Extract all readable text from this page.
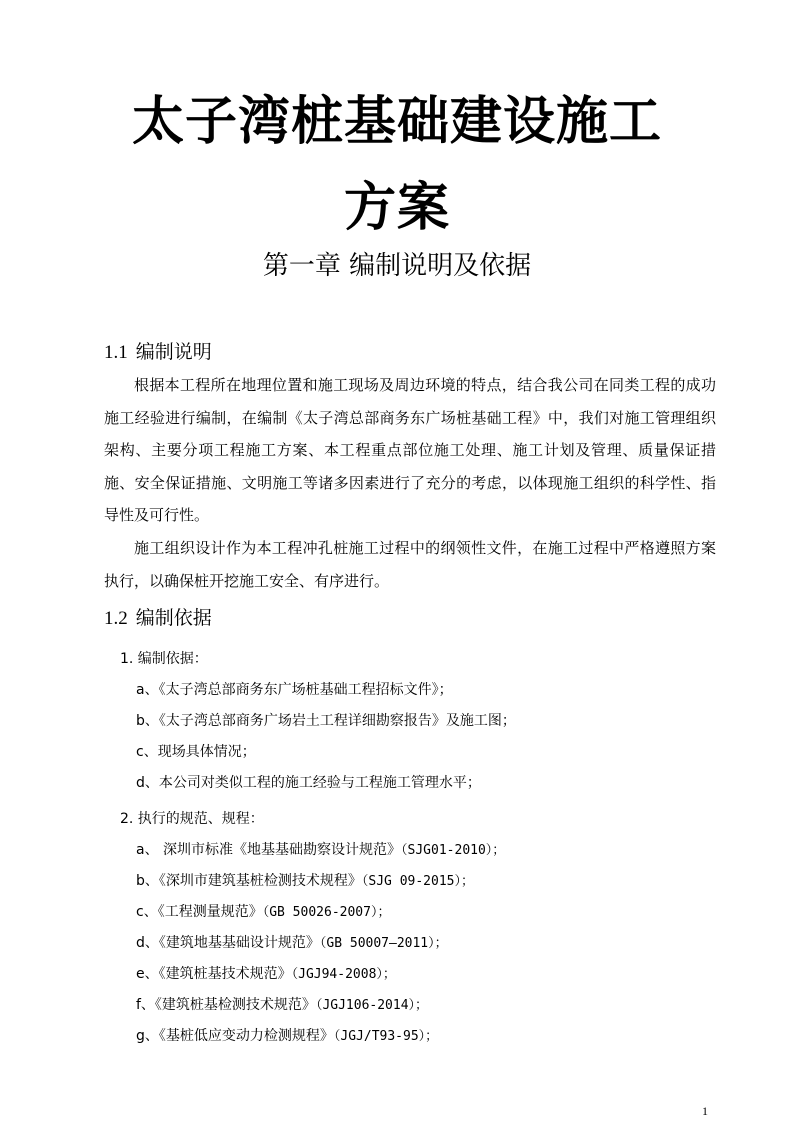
太子湾桩基础建设施工
方案
第一章 编制说明及依据
1.1 编制说明
根据本工程所在地理位置和施工现场及周边环境的特点，结合我公司在同类工程的成功施工经验进行编制，在编制《太子湾总部商务东广场桩基础工程》中，我们对施工管理组织架构、主要分项工程施工方案、本工程重点部位施工处理、施工计划及管理、质量保证措施、安全保证措施、文明施工等诸多因素进行了充分的考虑，以体现施工组织的科学性、指导性及可行性。
施工组织设计作为本工程冲孔桩施工过程中的纲领性文件，在施工过程中严格遵照方案执行，以确保桩开挖施工安全、有序进行。
1.2 编制依据
1. 编制依据：
a、《太子湾总部商务东广场桩基础工程招标文件》；
b、《太子湾总部商务广场岩土工程详细勘察报告》及施工图；
c、现场具体情况；
d、本公司对类似工程的施工经验与工程施工管理水平；
2. 执行的规范、规程：
a、 深圳市标准《地基基础勘察设计规范》（SJG01-2010）；
b、《深圳市建筑基桩检测技术规程》（SJG 09-2015）；
c、《工程测量规范》（GB 50026-2007）；
d、《建筑地基基础设计规范》（GB 50007—2011）；
e、《建筑桩基技术规范》（JGJ94-2008）；
f、《建筑桩基检测技术规范》（JGJ106-2014）；
g、《基桩低应变动力检测规程》（JGJ/T93-95）；
1
